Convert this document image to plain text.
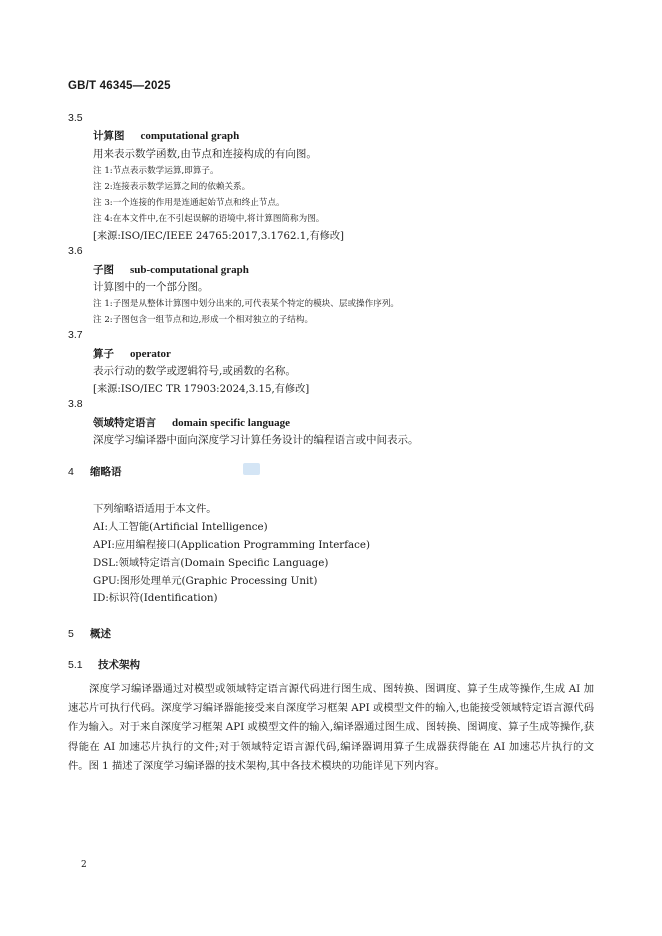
GB/T 46345—2025
3.5
计算图 computational graph
用来表示数学函数,由节点和连接构成的有向图。
注 1:节点表示数学运算,即算子。
注 2:连接表示数学运算之间的依赖关系。
注 3:一个连接的作用是连通起始节点和终止节点。
注 4:在本文件中,在不引起误解的语境中,将计算图简称为图。
[来源:ISO/IEC/IEEE 24765:2017,3.1762.1,有修改]
3.6
子图 sub-computational graph
计算图中的一个部分图。
注 1:子图是从整体计算图中划分出来的,可代表某个特定的模块、层或操作序列。
注 2:子图包含一组节点和边,形成一个相对独立的子结构。
3.7
算子 operator
表示行动的数学或逻辑符号,或函数的名称。
[来源:ISO/IEC TR 17903:2024,3.15,有修改]
3.8
领域特定语言 domain specific language
深度学习编译器中面向深度学习计算任务设计的编程语言或中间表示。
4 缩略语
下列缩略语适用于本文件。
AI:人工智能(Artificial Intelligence)
API:应用编程接口(Application Programming Interface)
DSL:领域特定语言(Domain Specific Language)
GPU:图形处理单元(Graphic Processing Unit)
ID:标识符(Identification)
5 概述
5.1 技术架构
深度学习编译器通过对模型或领域特定语言源代码进行图生成、图转换、图调度、算子生成等操作,生成 AI 加速芯片可执行代码。深度学习编译器能接受来自深度学习框架 API 或模型文件的输入,也能接受领域特定语言源代码作为输入。对于来自深度学习框架 API 或模型文件的输入,编译器通过图生成、图转换、图调度、算子生成等操作,获得能在 AI 加速芯片执行的文件;对于领域特定语言源代码,编译器调用算子生成器获得能在 AI 加速芯片执行的文件。图 1 描述了深度学习编译器的技术架构,其中各技术模块的功能详见下列内容。
2
